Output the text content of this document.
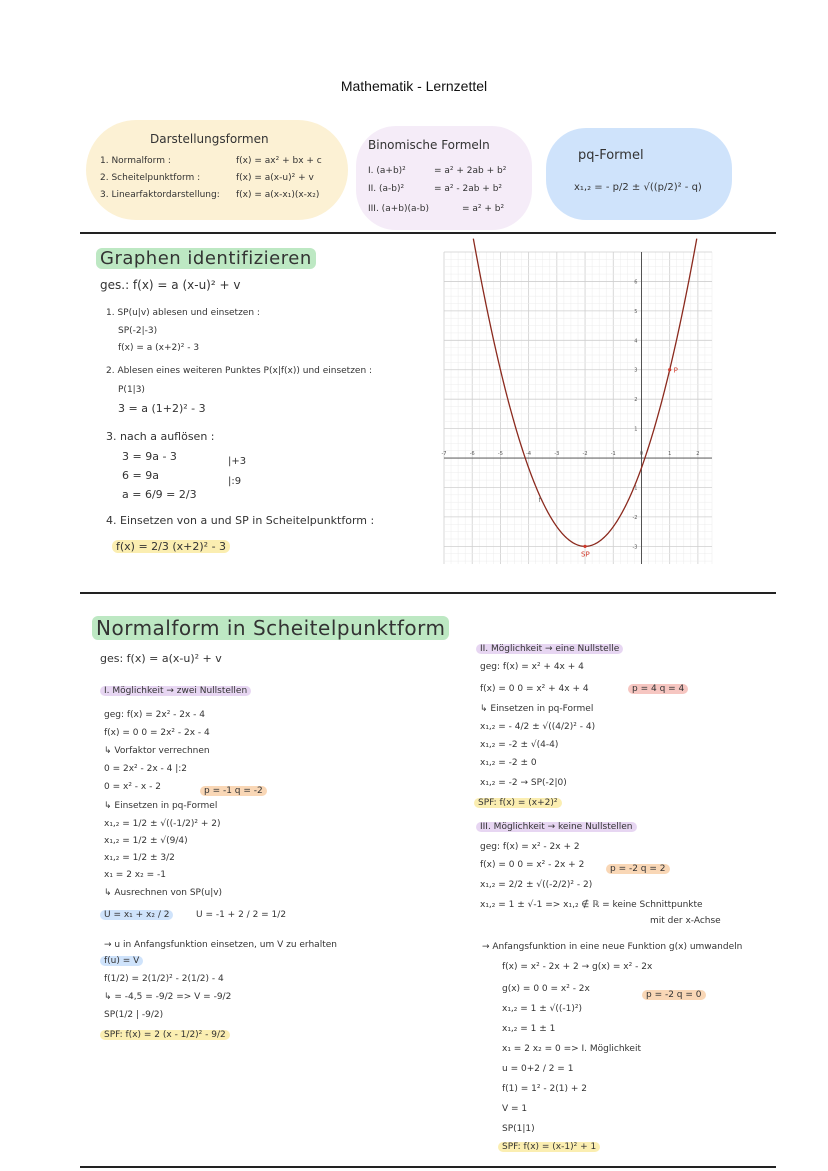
Mathematik - Lernzettel
Darstellungsformen
1. Normalform :	f(x) = ax² + bx + c
2. Scheitelpunktform :	f(x) = a(x-u)² + v
3. Linearfaktordarstellung: f(x) = a(x-x₁)(x-x₂)
Binomische Formeln
I. (a+b)²	= a² + 2ab + b²
II. (a-b)²	= a² - 2ab + b²
III. (a+b)(a-b)	= a² + b²
pq-Formel
x₁,₂ = - p/2 ± √((p/2)² - q)
Graphen identifizieren
ges.: f(x) = a (x-u)² + v
1. SP(u|v) ablesen und einsetzen :
SP(-2|-3)
f(x) = a (x+2)² - 3
2. Ablesen eines weiteren Punktes P(x|f(x)) und einsetzen :
P(1|3)
3 = a (1+2)² - 3
3. nach a auflösen :
3 = 9a - 3
6 = 9a
a = 6/9 = 2/3
|+3
|:9
4. Einsetzen von a und SP in Scheitelpunktform :
f(x) = 2/3 (x+2)² - 3
-7	-6	-5	-4	-3	-2	-1	0	1	2
-3
-2
-1
1
2
3
4
5
6
SP
P
f
Normalform in Scheitelpunktform
ges: f(x) = a(x-u)² + v
I. Möglichkeit → zwei Nullstellen
geg: f(x) = 2x² - 2x - 4
f(x) = 0 0 = 2x² - 2x - 4
↳ Vorfaktor verrechnen
0 = 2x² - 2x - 4 |:2
0 = x² - x - 2	p = -1 q = -2
↳ Einsetzen in pq-Formel
x₁,₂ = 1/2 ± √((-1/2)² + 2)
x₁,₂ = 1/2 ± √(9/4)
x₁,₂ = 1/2 ± 3/2
x₁ = 2 x₂ = -1
↳ Ausrechnen von SP(u|v)
U = x₁ + x₂ / 2	U = -1 + 2 / 2 = 1/2
→ u in Anfangsfunktion einsetzen, um V zu erhalten
f(u) = V
f(1/2) = 2(1/2)² - 2(1/2) - 4
↳ = -4,5 = -9/2 => V = -9/2
SP(1/2 | -9/2)
SPF: f(x) = 2 (x - 1/2)² - 9/2
II. Möglichkeit → eine Nullstelle
geg: f(x) = x² + 4x + 4
f(x) = 0 0 = x² + 4x + 4	p = 4 q = 4
↳ Einsetzen in pq-Formel
x₁,₂ = - 4/2 ± √((4/2)² - 4)
x₁,₂ = -2 ± √(4-4)
x₁,₂ = -2 ± 0
x₁,₂ = -2 → SP(-2|0)
SPF: f(x) = (x+2)²
III. Möglichkeit → keine Nullstellen
geg: f(x) = x² - 2x + 2
f(x) = 0 0 = x² - 2x + 2	p = -2 q = 2
x₁,₂ = 2/2 ± √((-2/2)² - 2)
x₁,₂ = 1 ± √-1 => x₁,₂ ∉ ℝ = keine Schnittpunkte
mit der x-Achse
→ Anfangsfunktion in eine neue Funktion g(x) umwandeln
f(x) = x² - 2x + 2 → g(x) = x² - 2x
g(x) = 0 0 = x² - 2x
p = -2 q = 0
x₁,₂ = 1 ± √((-1)²)
x₁,₂ = 1 ± 1
x₁ = 2 x₂ = 0 => I. Möglichkeit
u = 0+2 / 2 = 1
f(1) = 1² - 2(1) + 2
V = 1
SP(1|1)
SPF: f(x) = (x-1)² + 1
